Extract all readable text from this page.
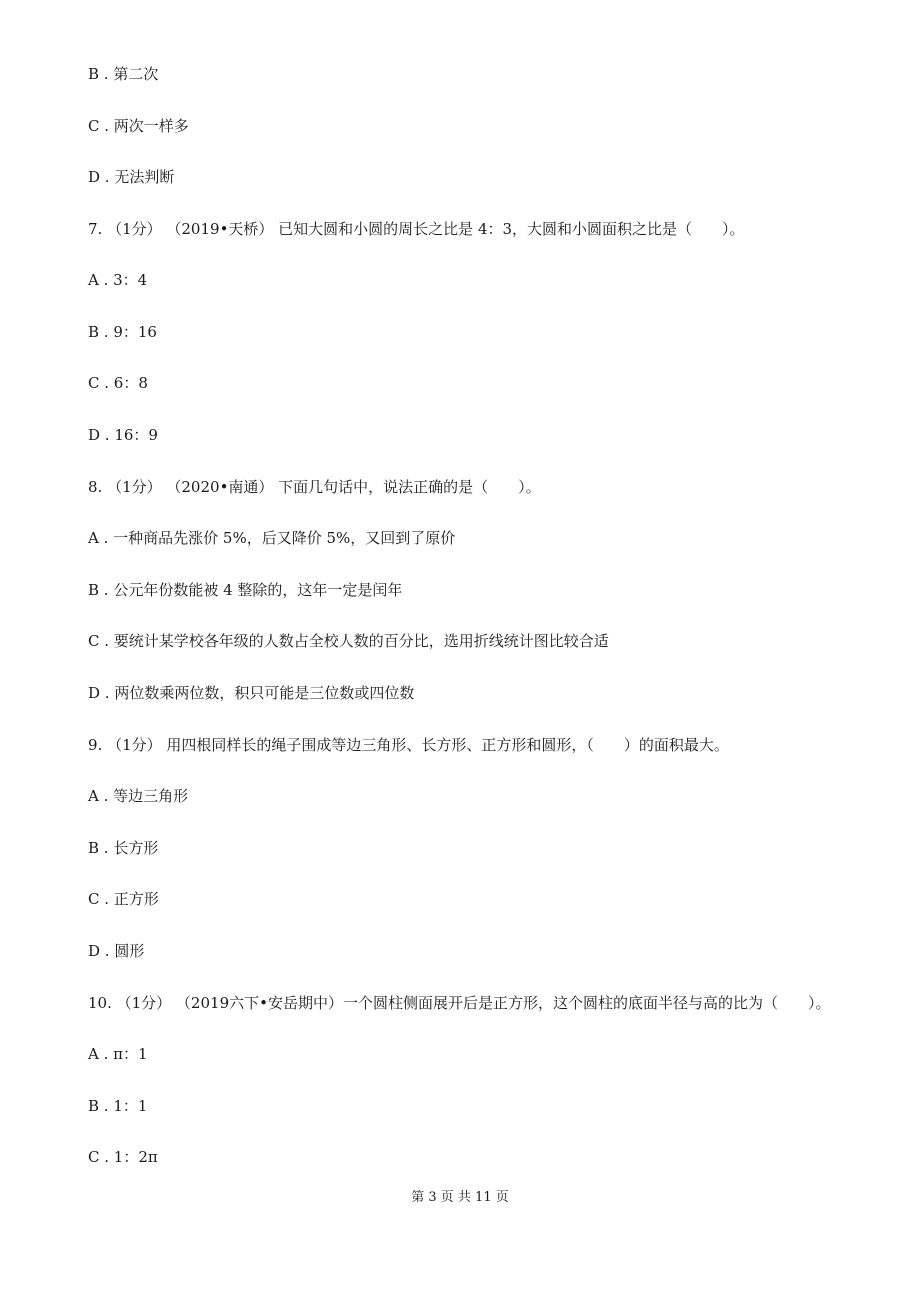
B . 第二次
C . 两次一样多
D . 无法判断
7. （1分） （2019•天桥） 已知大圆和小圆的周长之比是 4：3，大圆和小圆面积之比是（　　）。
A . 3：4
B . 9：16
C . 6：8
D . 16：9
8. （1分） （2020•南通） 下面几句话中，说法正确的是（　　）。
A . 一种商品先涨价 5%，后又降价 5%，又回到了原价
B . 公元年份数能被 4 整除的，这年一定是闰年
C . 要统计某学校各年级的人数占全校人数的百分比，选用折线统计图比较合适
D . 两位数乘两位数，积只可能是三位数或四位数
9. （1分） 用四根同样长的绳子围成等边三角形、长方形、正方形和圆形，（　　）的面积最大。
A . 等边三角形
B . 长方形
C . 正方形
D . 圆形
10. （1分） （2019六下•安岳期中）一个圆柱侧面展开后是正方形，这个圆柱的底面半径与高的比为（　　）。
A . π：1
B . 1：1
C . 1：2π
第 3 页 共 11 页
